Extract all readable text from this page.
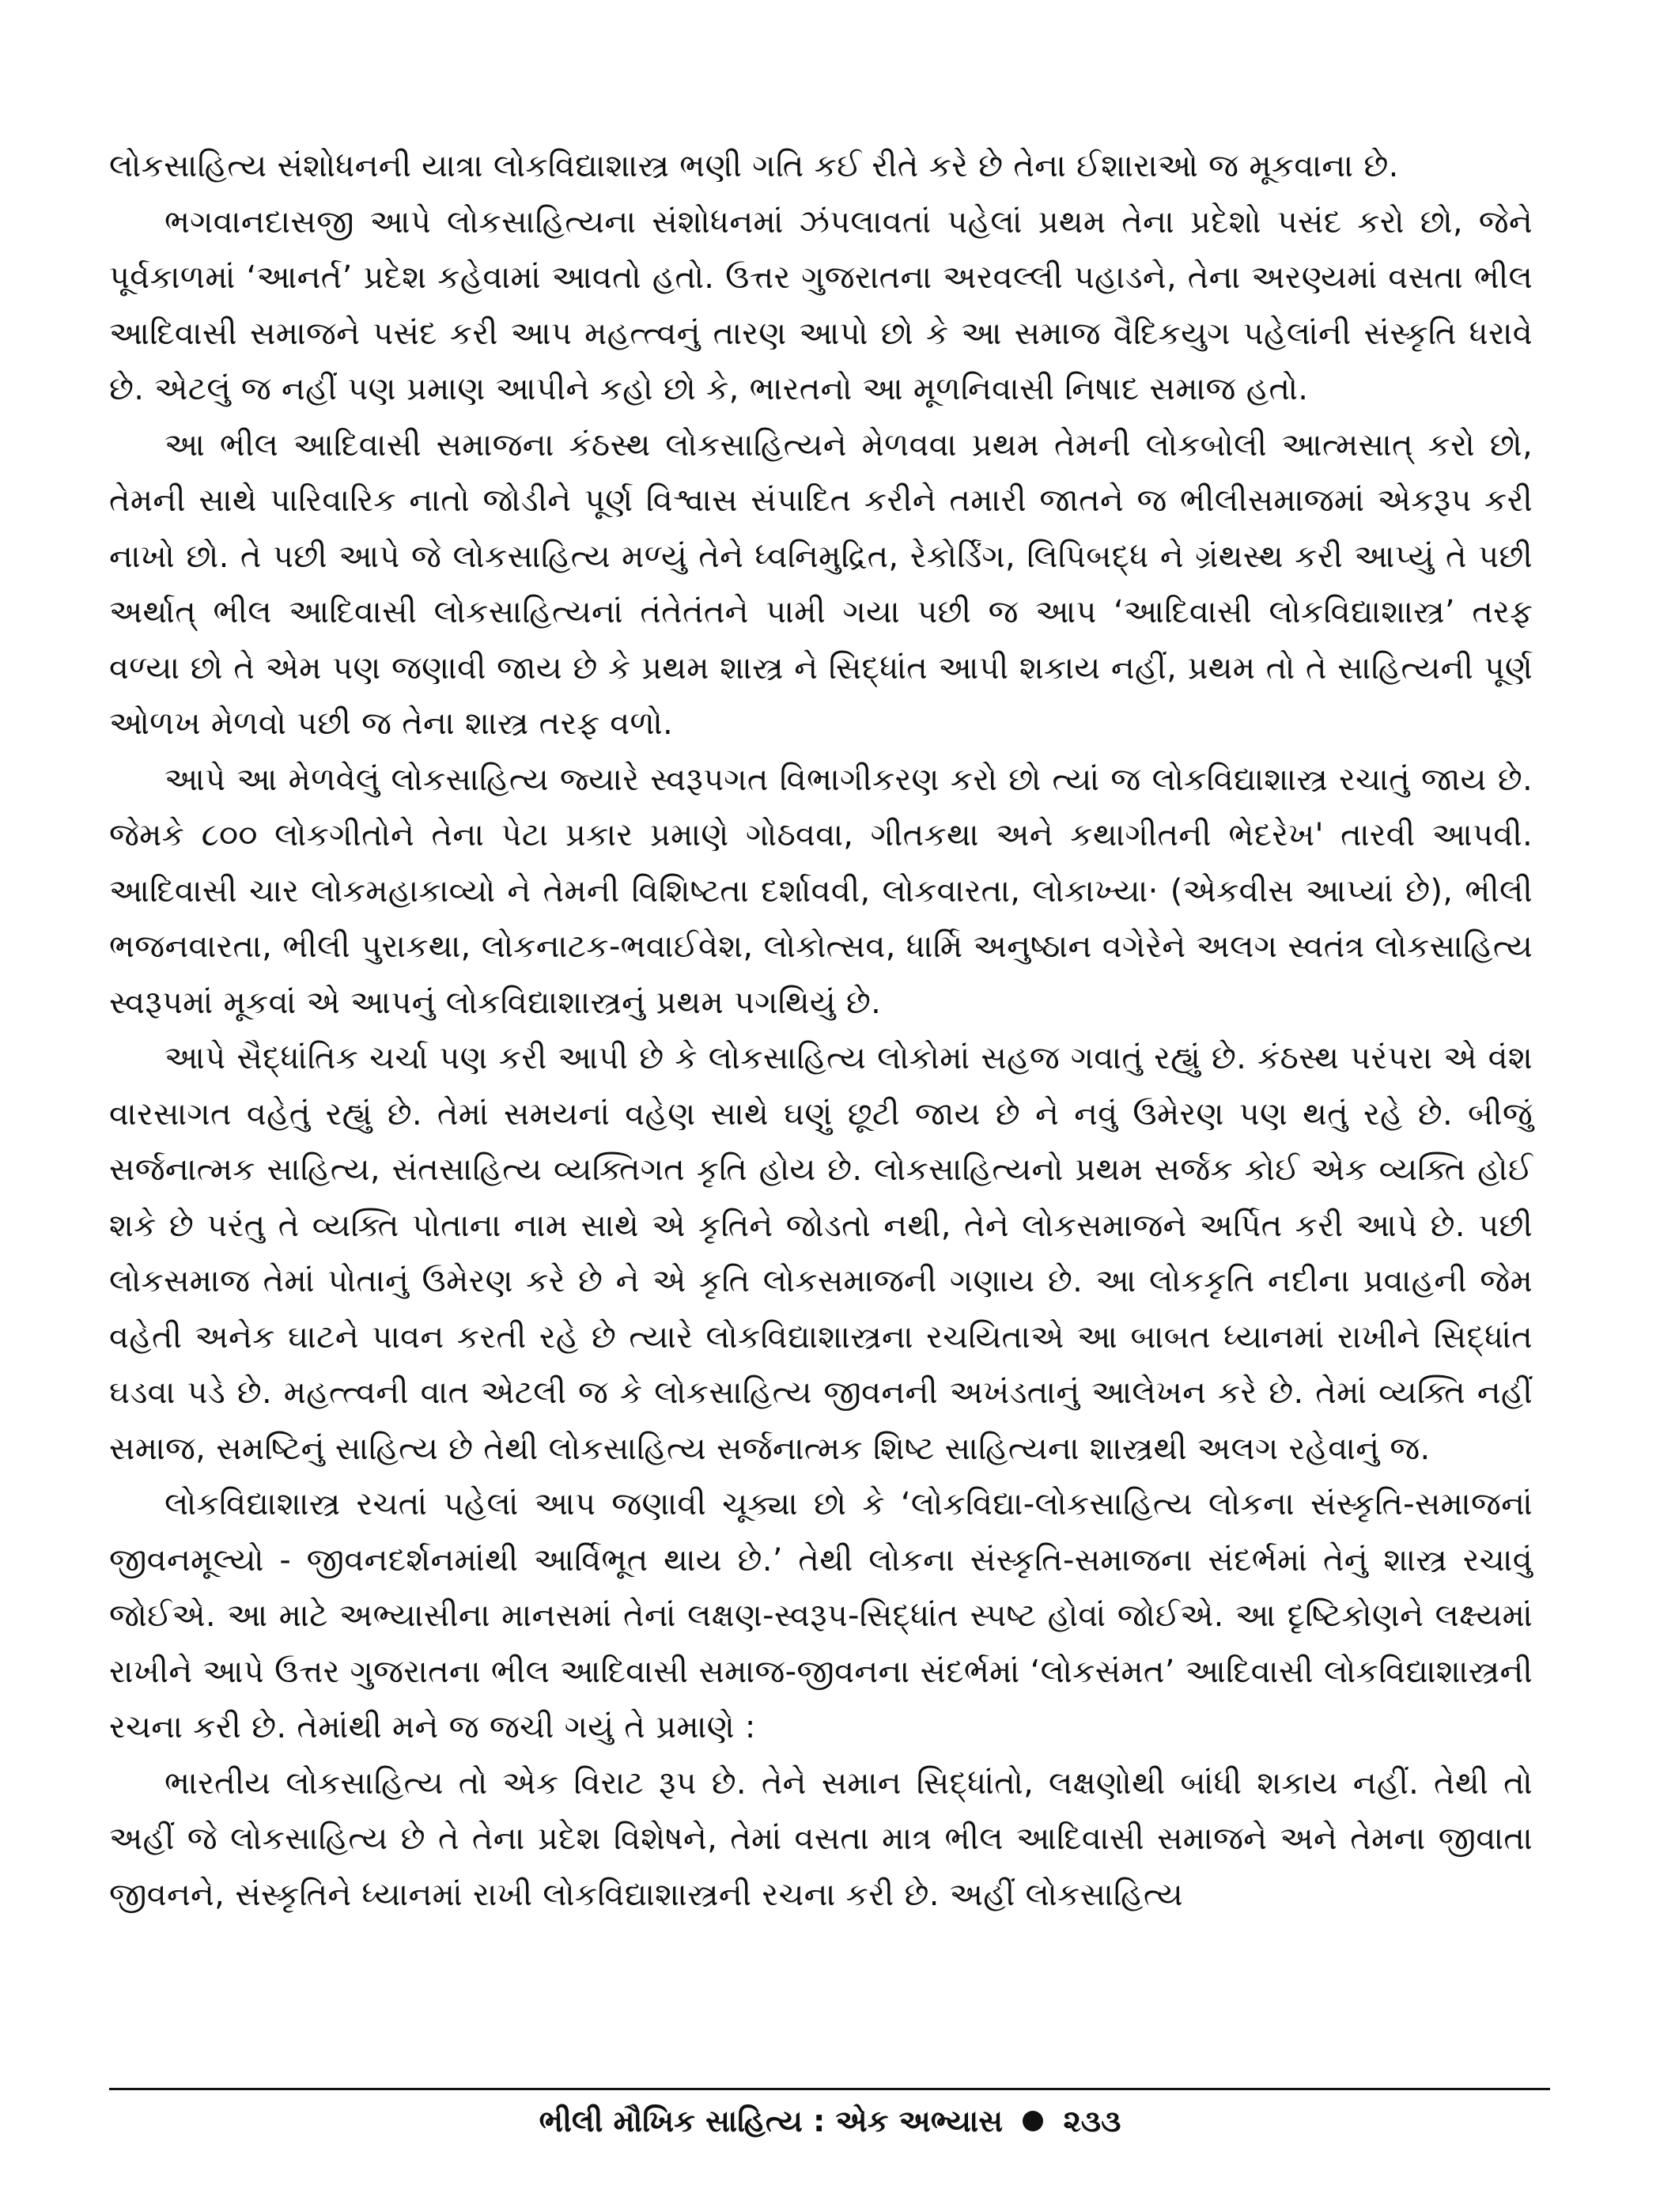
લોકસાહિત્ય સંશોધનની યાત્રા લોકવિદ્યાશાસ્ત્ર ભણી ગતિ કઈ રીતે કરે છે તેના ઈશારાઓ જ મૂકવાના છે.

ભગવાનદાસજી આપે લોકસાહિત્યના સંશોધનમાં ઝંપલાવતાં પહેલાં પ્રથમ તેના પ્રદેશો પસંદ કરો છો, જેને પૂર્વકાળમાં ‘આનર્ત’ પ્રદેશ કહેવામાં આવતો હતો. ઉત્તર ગુજરાતના અરવલ્લી પહાડને, તેના અરણ્યમાં વસતા ભીલ આદિવાસી સમાજને પસંદ કરી આપ મહત્ત્વનું તારણ આપો છો કે આ સમાજ વૈદિકયુગ પહેલાંની સંસ્કૃતિ ધરાવે છે. એટલું જ નહીં પણ પ્રમાણ આપીને કહો છો કે, ભારતનો આ મૂળનિવાસી નિષાદ સમાજ હતો.

આ ભીલ આદિવાસી સમાજના કંઠસ્થ લોકસાહિત્યને મેળવવા પ્રથમ તેમની લોકબોલી આત્મસાત્ કરો છો, તેમની સાથે પારિવારિક નાતો જોડીને પૂર્ણ વિશ્વાસ સંપાદિત કરીને તમારી જાતને જ ભીલીસમાજમાં એકરૂપ કરી નાખો છો. તે પછી આપે જે લોકસાહિત્ય મળ્યું તેને ધ્વનિમુદ્રિત, રેકોર્ડિંગ, લિપિબદ્ધ ને ગ્રંથસ્થ કરી આપ્યું તે પછી અર્થાત્ ભીલ આદિવાસી લોકસાહિત્યનાં તંતેતંતને પામી ગયા પછી જ આપ ‘આદિવાસી લોકવિદ્યાશાસ્ત્ર’ તરફ વળ્યા છો તે એમ પણ જણાવી જાય છે કે પ્રથમ શાસ્ત્ર ને સિદ્ધાંત આપી શકાય નહીં, પ્રથમ તો તે સાહિત્યની પૂર્ણ ઓળખ મેળવો પછી જ તેના શાસ્ત્ર તરફ વળો.

આપે આ મેળવેલું લોકસાહિત્ય જ્યારે સ્વરૂપગત વિભાગીકરણ કરો છો ત્યાં જ લોકવિદ્યાશાસ્ત્ર રચાતું જાય છે. જેમકે ૮૦૦ લોકગીતોને તેના પેટા પ્રકાર પ્રમાણે ગોઠવવા, ગીતકથા અને કથાગીતની ભેદરેખ' તારવી આપવી. આદિવાસી ચાર લોકમહાકાવ્યો ને તેમની વિશિષ્ટતા દર્શાવવી, લોકવારતા, લોકાખ્યા· (એકવીસ આપ્યાં છે), ભીલી ભજનવારતા, ભીલી પુરાકથા, લોકનાટક-ભવાઈવેશ, લોકોત્સવ, ધાર્મિ અનુષ્ઠાન વગેરેને અલગ સ્વતંત્ર લોકસાહિત્ય સ્વરૂપમાં મૂકવાં એ આપનું લોકવિદ્યાશાસ્ત્રનું પ્રથમ પગથિયું છે.

આપે સૈદ્ધાંતિક ચર્ચા પણ કરી આપી છે કે લોકસાહિત્ય લોકોમાં સહજ ગવાતું રહ્યું છે. કંઠસ્થ પરંપરા એ વંશ વારસાગત વહેતું રહ્યું છે. તેમાં સમયનાં વહેણ સાથે ઘણું છૂટી જાય છે ને નવું ઉમેરણ પણ થતું રહે છે. બીજું સર્જનાત્મક સાહિત્ય, સંતસાહિત્ય વ્યક્તિગત કૃતિ હોય છે. લોકસાહિત્યનો પ્રથમ સર્જક કોઈ એક વ્યક્તિ હોઈ શકે છે પરંતુ તે વ્યક્તિ પોતાના નામ સાથે એ કૃતિને જોડતો નથી, તેને લોકસમાજને અર્પિત કરી આપે છે. પછી લોકસમાજ તેમાં પોતાનું ઉમેરણ કરે છે ને એ કૃતિ લોકસમાજની ગણાય છે. આ લોકકૃતિ નદીના પ્રવાહની જેમ વહેતી અનેક ઘાટને પાવન કરતી રહે છે ત્યારે લોકવિદ્યાશાસ્ત્રના રચયિતાએ આ બાબત ધ્યાનમાં રાખીને સિદ્ધાંત ઘડવા પડે છે. મહત્ત્વની વાત એટલી જ કે લોકસાહિત્ય જીવનની અખંડતાનું આલેખન કરે છે. તેમાં વ્યક્તિ નહીં સમાજ, સમષ્ટિનું સાહિત્ય છે તેથી લોકસાહિત્ય સર્જનાત્મક શિષ્ટ સાહિત્યના શાસ્ત્રથી અલગ રહેવાનું જ.

લોકવિદ્યાશાસ્ત્ર રચતાં પહેલાં આપ જણાવી ચૂક્યા છો કે ‘લોકવિદ્યા-લોકસાહિત્ય લોકના સંસ્કૃતિ-સમાજનાં જીવનમૂલ્યો - જીવનદર્શનમાંથી આર્વિભૂત થાય છે.’ તેથી લોકના સંસ્કૃતિ-સમાજના સંદર્ભમાં તેનું શાસ્ત્ર રચાવું જોઈએ. આ માટે અભ્યાસીના માનસમાં તેનાં લક્ષણ-સ્વરૂપ-સિદ્ધાંત સ્પષ્ટ હોવાં જોઈએ. આ દૃષ્ટિકોણને લક્ષ્યમાં રાખીને આપે ઉત્તર ગુજરાતના ભીલ આદિવાસી સમાજ-જીવનના સંદર્ભમાં ‘લોકસંમત’ આદિવાસી લોકવિદ્યાશાસ્ત્રની રચના કરી છે. તેમાંથી મને જ જચી ગયું તે પ્રમાણે :

ભારતીય લોકસાહિત્ય તો એક વિરાટ રૂપ છે. તેને સમાન સિદ્ધાંતો, લક્ષણોથી બાંધી શકાય નહીં. તેથી તો અહીં જે લોકસાહિત્ય છે તે તેના પ્રદેશ વિશેષને, તેમાં વસતા માત્ર ભીલ આદિવાસી સમાજને અને તેમના જીવાતા જીવનને, સંસ્કૃતિને ધ્યાનમાં રાખી લોકવિદ્યાશાસ્ત્રની રચના કરી છે. અહીં લોકસાહિત્ય

ભીલી મૌખિક સાહિત્ય : એક અભ્યાસ ૨૩૩
